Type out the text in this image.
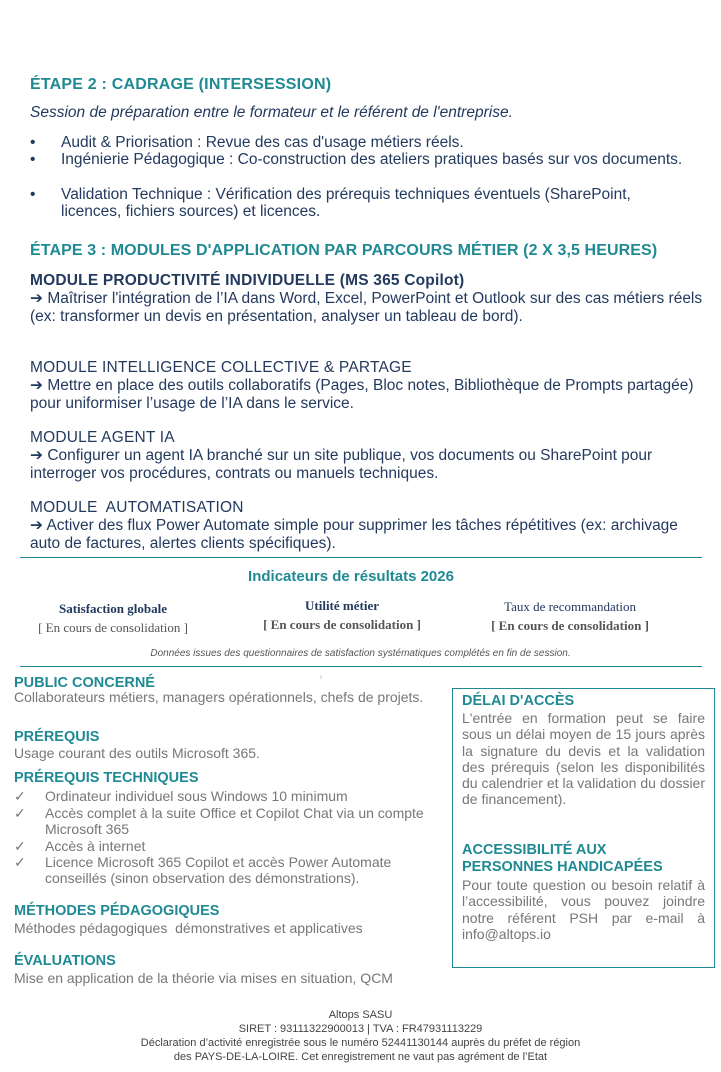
ÉTAPE 2 : CADRAGE (INTERSESSION)
Session de préparation entre le formateur et le référent de l'entreprise.
• Audit & Priorisation : Revue des cas d'usage métiers réels.
• Ingénierie Pédagogique : Co-construction des ateliers pratiques basés sur vos documents.
• Validation Technique : Vérification des prérequis techniques éventuels (SharePoint, licences, fichiers sources) et licences.
ÉTAPE 3 : MODULES D'APPLICATION PAR PARCOURS MÉTIER (2 X 3,5 HEURES)
MODULE PRODUCTIVITÉ INDIVIDUELLE (MS 365 Copilot)
➔ Maîtriser l'intégration de l’IA dans Word, Excel, PowerPoint et Outlook sur des cas métiers réels (ex: transformer un devis en présentation, analyser un tableau de bord).
MODULE INTELLIGENCE COLLECTIVE & PARTAGE
➔ Mettre en place des outils collaboratifs (Pages, Bloc notes, Bibliothèque de Prompts partagée) pour uniformiser l’usage de l’IA dans le service.
MODULE AGENT IA
➔ Configurer un agent IA branché sur un site publique, vos documents ou SharePoint pour interroger vos procédures, contrats ou manuels techniques.
MODULE  AUTOMATISATION
➔ Activer des flux Power Automate simple pour supprimer les tâches répétitives (ex: archivage auto de factures, alertes clients spécifiques).
Indicateurs de résultats 2026
Satisfaction globale
[ En cours de consolidation ]
Utilité métier
[ En cours de consolidation ]
Taux de recommandation
[ En cours de consolidation ]
Données issues des questionnaires de satisfaction systématiques complétés en fin de session.
²
PUBLIC CONCERNÉ
Collaborateurs métiers, managers opérationnels, chefs de projets.
PRÉREQUIS
Usage courant des outils Microsoft 365.
PRÉREQUIS TECHNIQUES
✓ Ordinateur individuel sous Windows 10 minimum
✓ Accès complet à la suite Office et Copilot Chat via un compte Microsoft 365
✓ Accès à internet
✓ Licence Microsoft 365 Copilot et accès Power Automate conseillés (sinon observation des démonstrations).
MÉTHODES PÉDAGOGIQUES
Méthodes pédagogiques  démonstratives et applicatives
ÉVALUATIONS
Mise en application de la théorie via mises en situation, QCM
DÉLAI D'ACCÈS
L'entrée en formation peut se faire sous un délai moyen de 15 jours après la signature du devis et la validation des prérequis (selon les disponibilités du calendrier et la validation du dossier de financement).
ACCESSIBILITÉ AUX
PERSONNES HANDICAPÉES
Pour toute question ou besoin relatif à l’accessibilité, vous pouvez joindre notre référent PSH par e-mail à info@altops.io
Altops SASU
SIRET : 93111322900013 | TVA : FR47931113229
Déclaration d’activité enregistrée sous le numéro 52441130144 auprès du préfet de région
des PAYS-DE-LA-LOIRE. Cet enregistrement ne vaut pas agrément de l’Etat
